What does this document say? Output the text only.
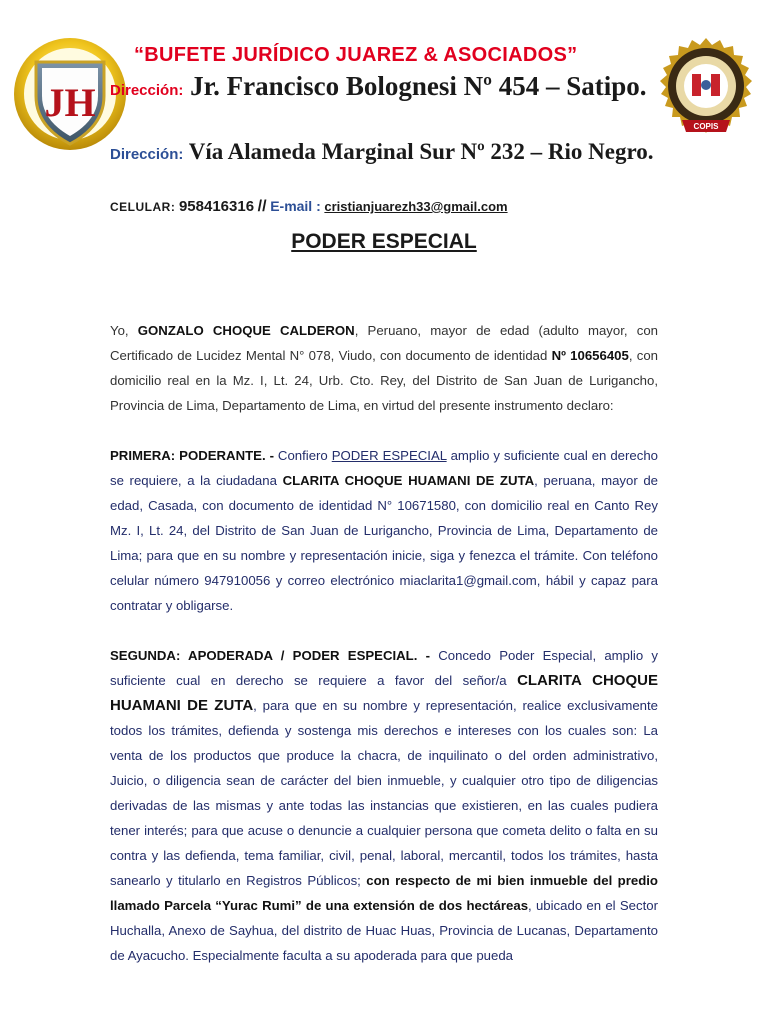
JH
COPIS
“BUFETE JURÍDICO JUAREZ & ASOCIADOS”
Dirección: Jr. Francisco Bolognesi Nº 454 – Satipo.
Dirección: Vía Alameda Marginal Sur Nº 232 – Rio Negro.
CELULAR: 958416316 // E-mail : cristianjuarezh33@gmail.com
PODER ESPECIAL

Yo, GONZALO CHOQUE CALDERON, Peruano, mayor de edad (adulto mayor, con Certificado de Lucidez Mental N° 078, Viudo, con documento de identidad Nº 10656405, con domicilio real en la Mz. I, Lt. 24, Urb. Cto. Rey, del Distrito de San Juan de Lurigancho, Provincia de Lima, Departamento de Lima, en virtud del presente instrumento declaro:

PRIMERA: PODERANTE. - Confiero PODER ESPECIAL amplio y suficiente cual en derecho se requiere, a la ciudadana CLARITA CHOQUE HUAMANI DE ZUTA, peruana, mayor de edad, Casada, con documento de identidad N° 10671580, con domicilio real en Canto Rey Mz. I, Lt. 24, del Distrito de San Juan de Lurigancho, Provincia de Lima, Departamento de Lima; para que en su nombre y representación inicie, siga y fenezca el trámite. Con teléfono celular número 947910056 y correo electrónico miaclarita1@gmail.com, hábil y capaz para contratar y obligarse.

SEGUNDA: APODERADA / PODER ESPECIAL. - Concedo Poder Especial, amplio y suficiente cual en derecho se requiere a favor del señor/a CLARITA CHOQUE HUAMANI DE ZUTA, para que en su nombre y representación, realice exclusivamente todos los trámites, defienda y sostenga mis derechos e intereses con los cuales son: La venta de los productos que produce la chacra, de inquilinato o del orden administrativo, Juicio, o diligencia sean de carácter del bien inmueble, y cualquier otro tipo de diligencias derivadas de las mismas y ante todas las instancias que existieren, en las cuales pudiera tener interés; para que acuse o denuncie a cualquier persona que cometa delito o falta en su contra y las defienda, tema familiar, civil, penal, laboral, mercantil, todos los trámites, hasta sanearlo y titularlo en Registros Públicos; con respecto de mi bien inmueble del predio llamado Parcela “Yurac Rumi” de una extensión de dos hectáreas, ubicado en el Sector Huchalla, Anexo de Sayhua, del distrito de Huac Huas, Provincia de Lucanas, Departamento de Ayacucho. Especialmente faculta a su apoderada para que pueda
